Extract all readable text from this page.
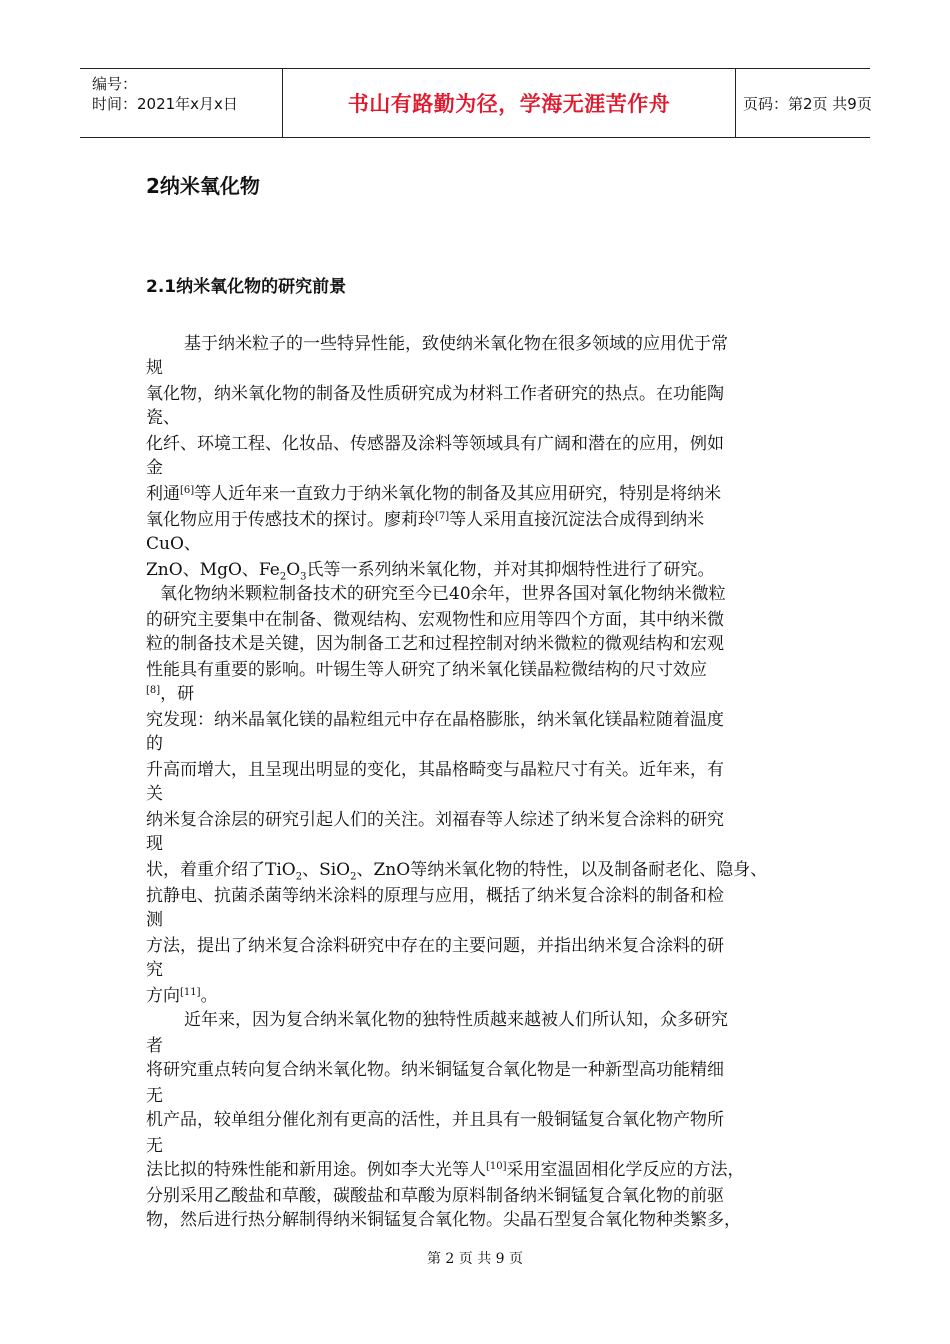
编号：
时间：2021年x月x日	书山有路勤为径，学海无涯苦作舟	页码：第2页 共9页
2纳米氧化物
2.1纳米氧化物的研究前景
基于纳米粒子的一些特异性能，致使纳米氧化物在很多领域的应用优于常
规
氧化物，纳米氧化物的制备及性质研究成为材料工作者研究的热点。在功能陶
瓷、
化纤、环境工程、化妆品、传感器及涂料等领域具有广阔和潜在的应用，例如
金
利通[6]等人近年来一直致力于纳米氧化物的制备及其应用研究，特别是将纳米
氧化物应用于传感技术的探讨。廖莉玲[7]等人采用直接沉淀法合成得到纳米
CuO、
ZnO、MgO、$Fe_2O_3$氏等一系列纳米氧化物，并对其抑烟特性进行了研究。
氧化物纳米颗粒制备技术的研究至今已40余年，世界各国对氧化物纳米微粒
的研究主要集中在制备、微观结构、宏观物性和应用等四个方面，其中纳米微
粒的制备技术是关键，因为制备工艺和过程控制对纳米微粒的微观结构和宏观
性能具有重要的影响。叶锡生等人研究了纳米氧化镁晶粒微结构的尺寸效应
[8]，研
究发现：纳米晶氧化镁的晶粒组元中存在晶格膨胀，纳米氧化镁晶粒随着温度
的
升高而增大，且呈现出明显的变化，其晶格畸变与晶粒尺寸有关。近年来，有
关
纳米复合涂层的研究引起人们的关注。刘福春等人综述了纳米复合涂料的研究
现
状，着重介绍了TiO$_2$、SiO$_2$、ZnO等纳米氧化物的特性，以及制备耐老化、隐身、
抗静电、抗菌杀菌等纳米涂料的原理与应用，概括了纳米复合涂料的制备和检
测
方法，提出了纳米复合涂料研究中存在的主要问题，并指出纳米复合涂料的研
究
方向[11]。
近年来，因为复合纳米氧化物的独特性质越来越被人们所认知，众多研究
者
将研究重点转向复合纳米氧化物。纳米铜锰复合氧化物是一种新型高功能精细
无
机产品，较单组分催化剂有更高的活性，并且具有一般铜锰复合氧化物产物所
无
法比拟的特殊性能和新用途。例如李大光等人[10]采用室温固相化学反应的方法，
分别采用乙酸盐和草酸，碳酸盐和草酸为原料制备纳米铜锰复合氧化物的前驱
物，然后进行热分解制得纳米铜锰复合氧化物。尖晶石型复合氧化物种类繁多，
第 2 页 共 9 页
